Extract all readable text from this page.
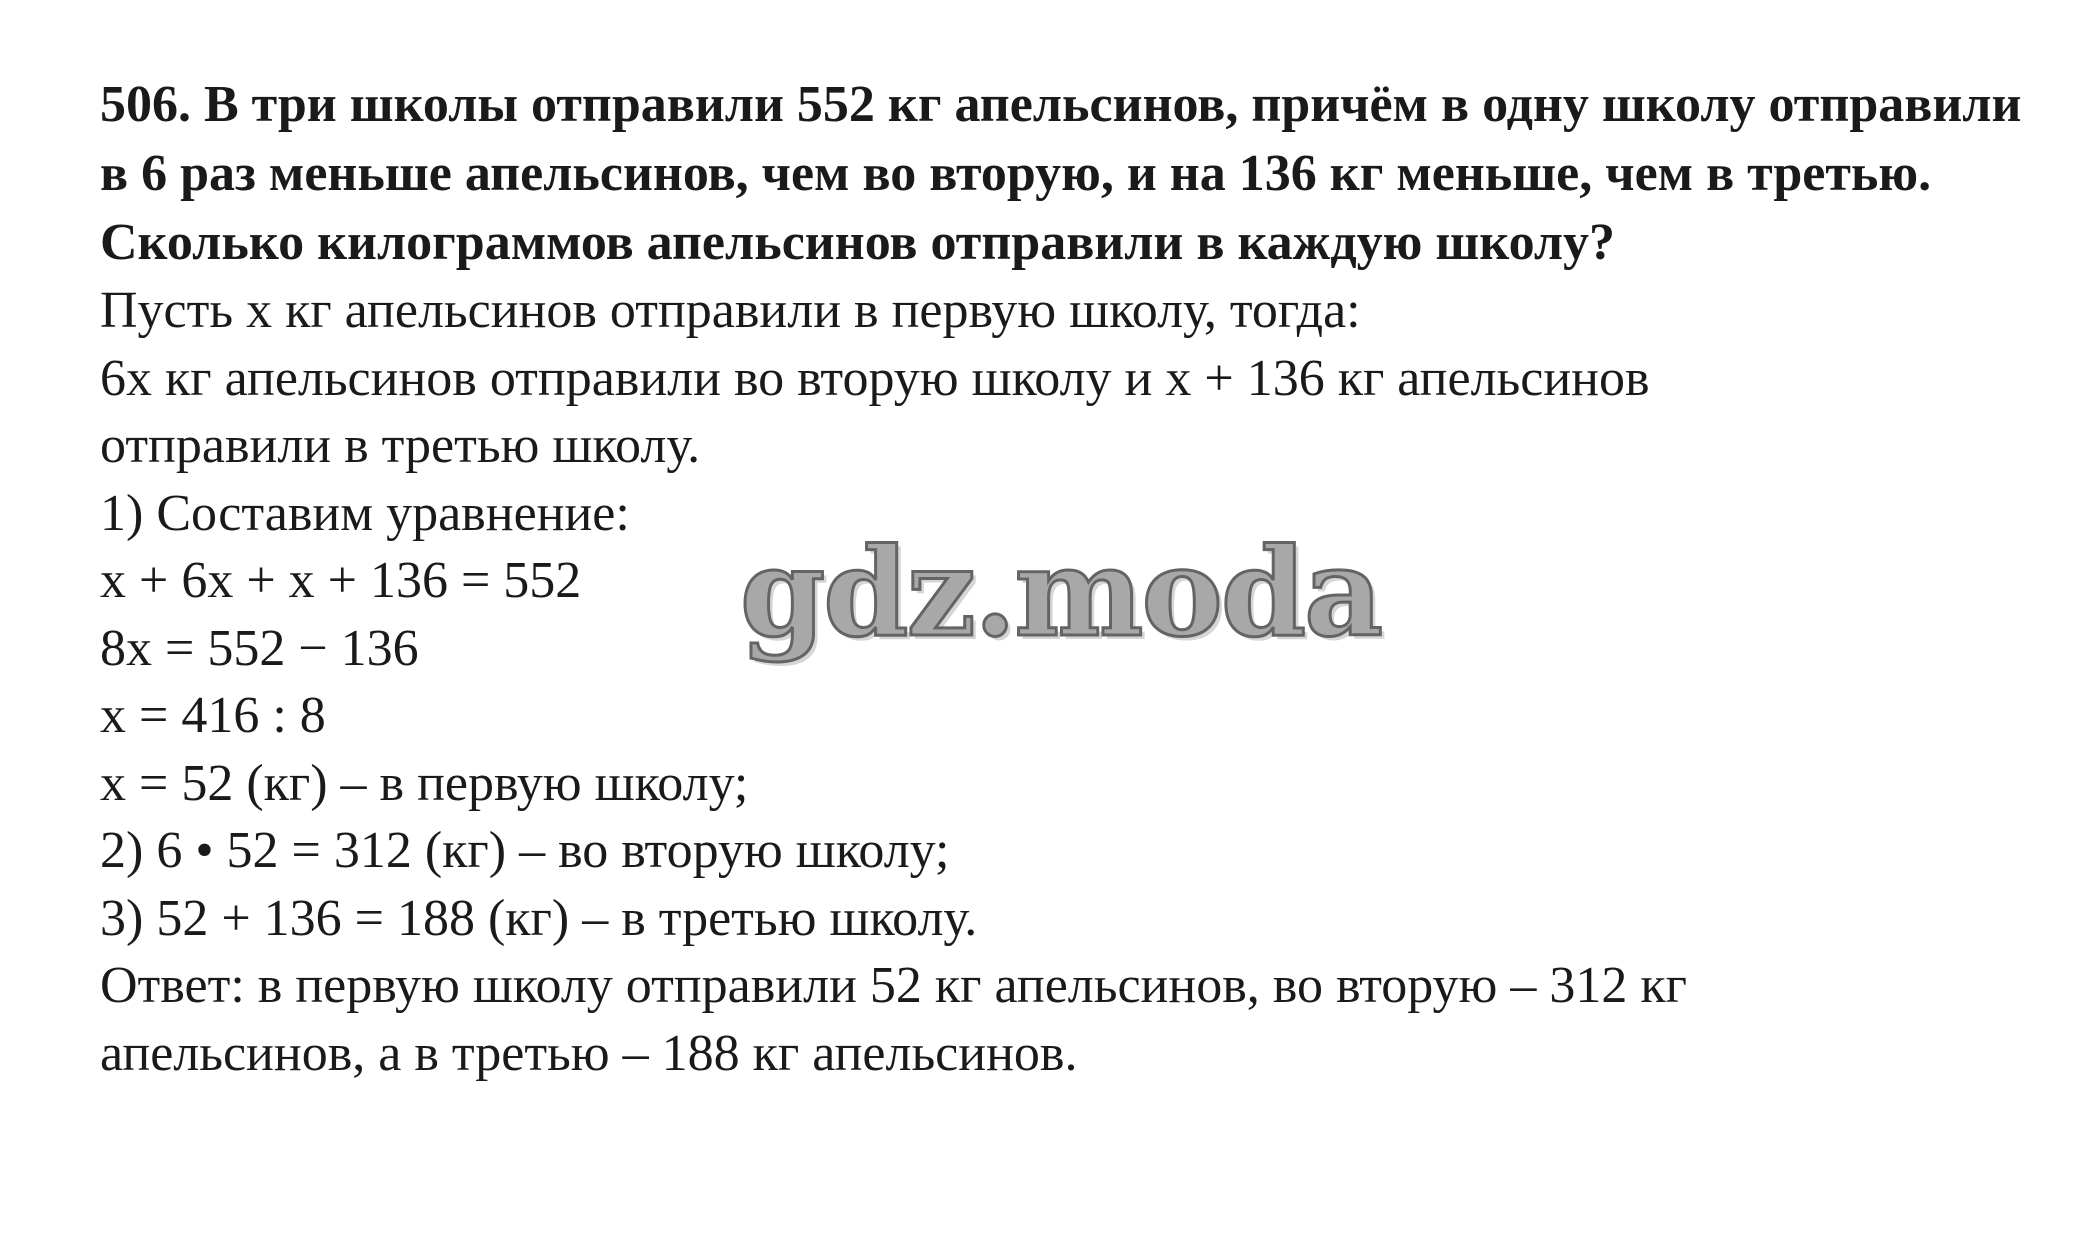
506. В три школы отправили 552 кг апельсинов, причём в одну школу отправили в 6 раз меньше апельсинов, чем во вторую, и на 136 кг меньше, чем в третью. Сколько килограммов апельсинов отправили в каждую школу?

Пусть x кг апельсинов отправили в первую школу, тогда:

6x кг апельсинов отправили во вторую школу и x + 136 кг апельсинов

отправили в третью школу.

1) Составим уравнение:

x + 6x + x + 136 = 552

8x = 552 − 136

x = 416 : 8

x = 52 (кг) – в первую школу;

2) 6 • 52 = 312 (кг) – во вторую школу;

3) 52 + 136 = 188 (кг) – в третью школу.

Ответ: в первую школу отправили 52 кг апельсинов, во вторую – 312 кг

апельсинов, а в третью – 188 кг апельсинов.

gdz.moda
